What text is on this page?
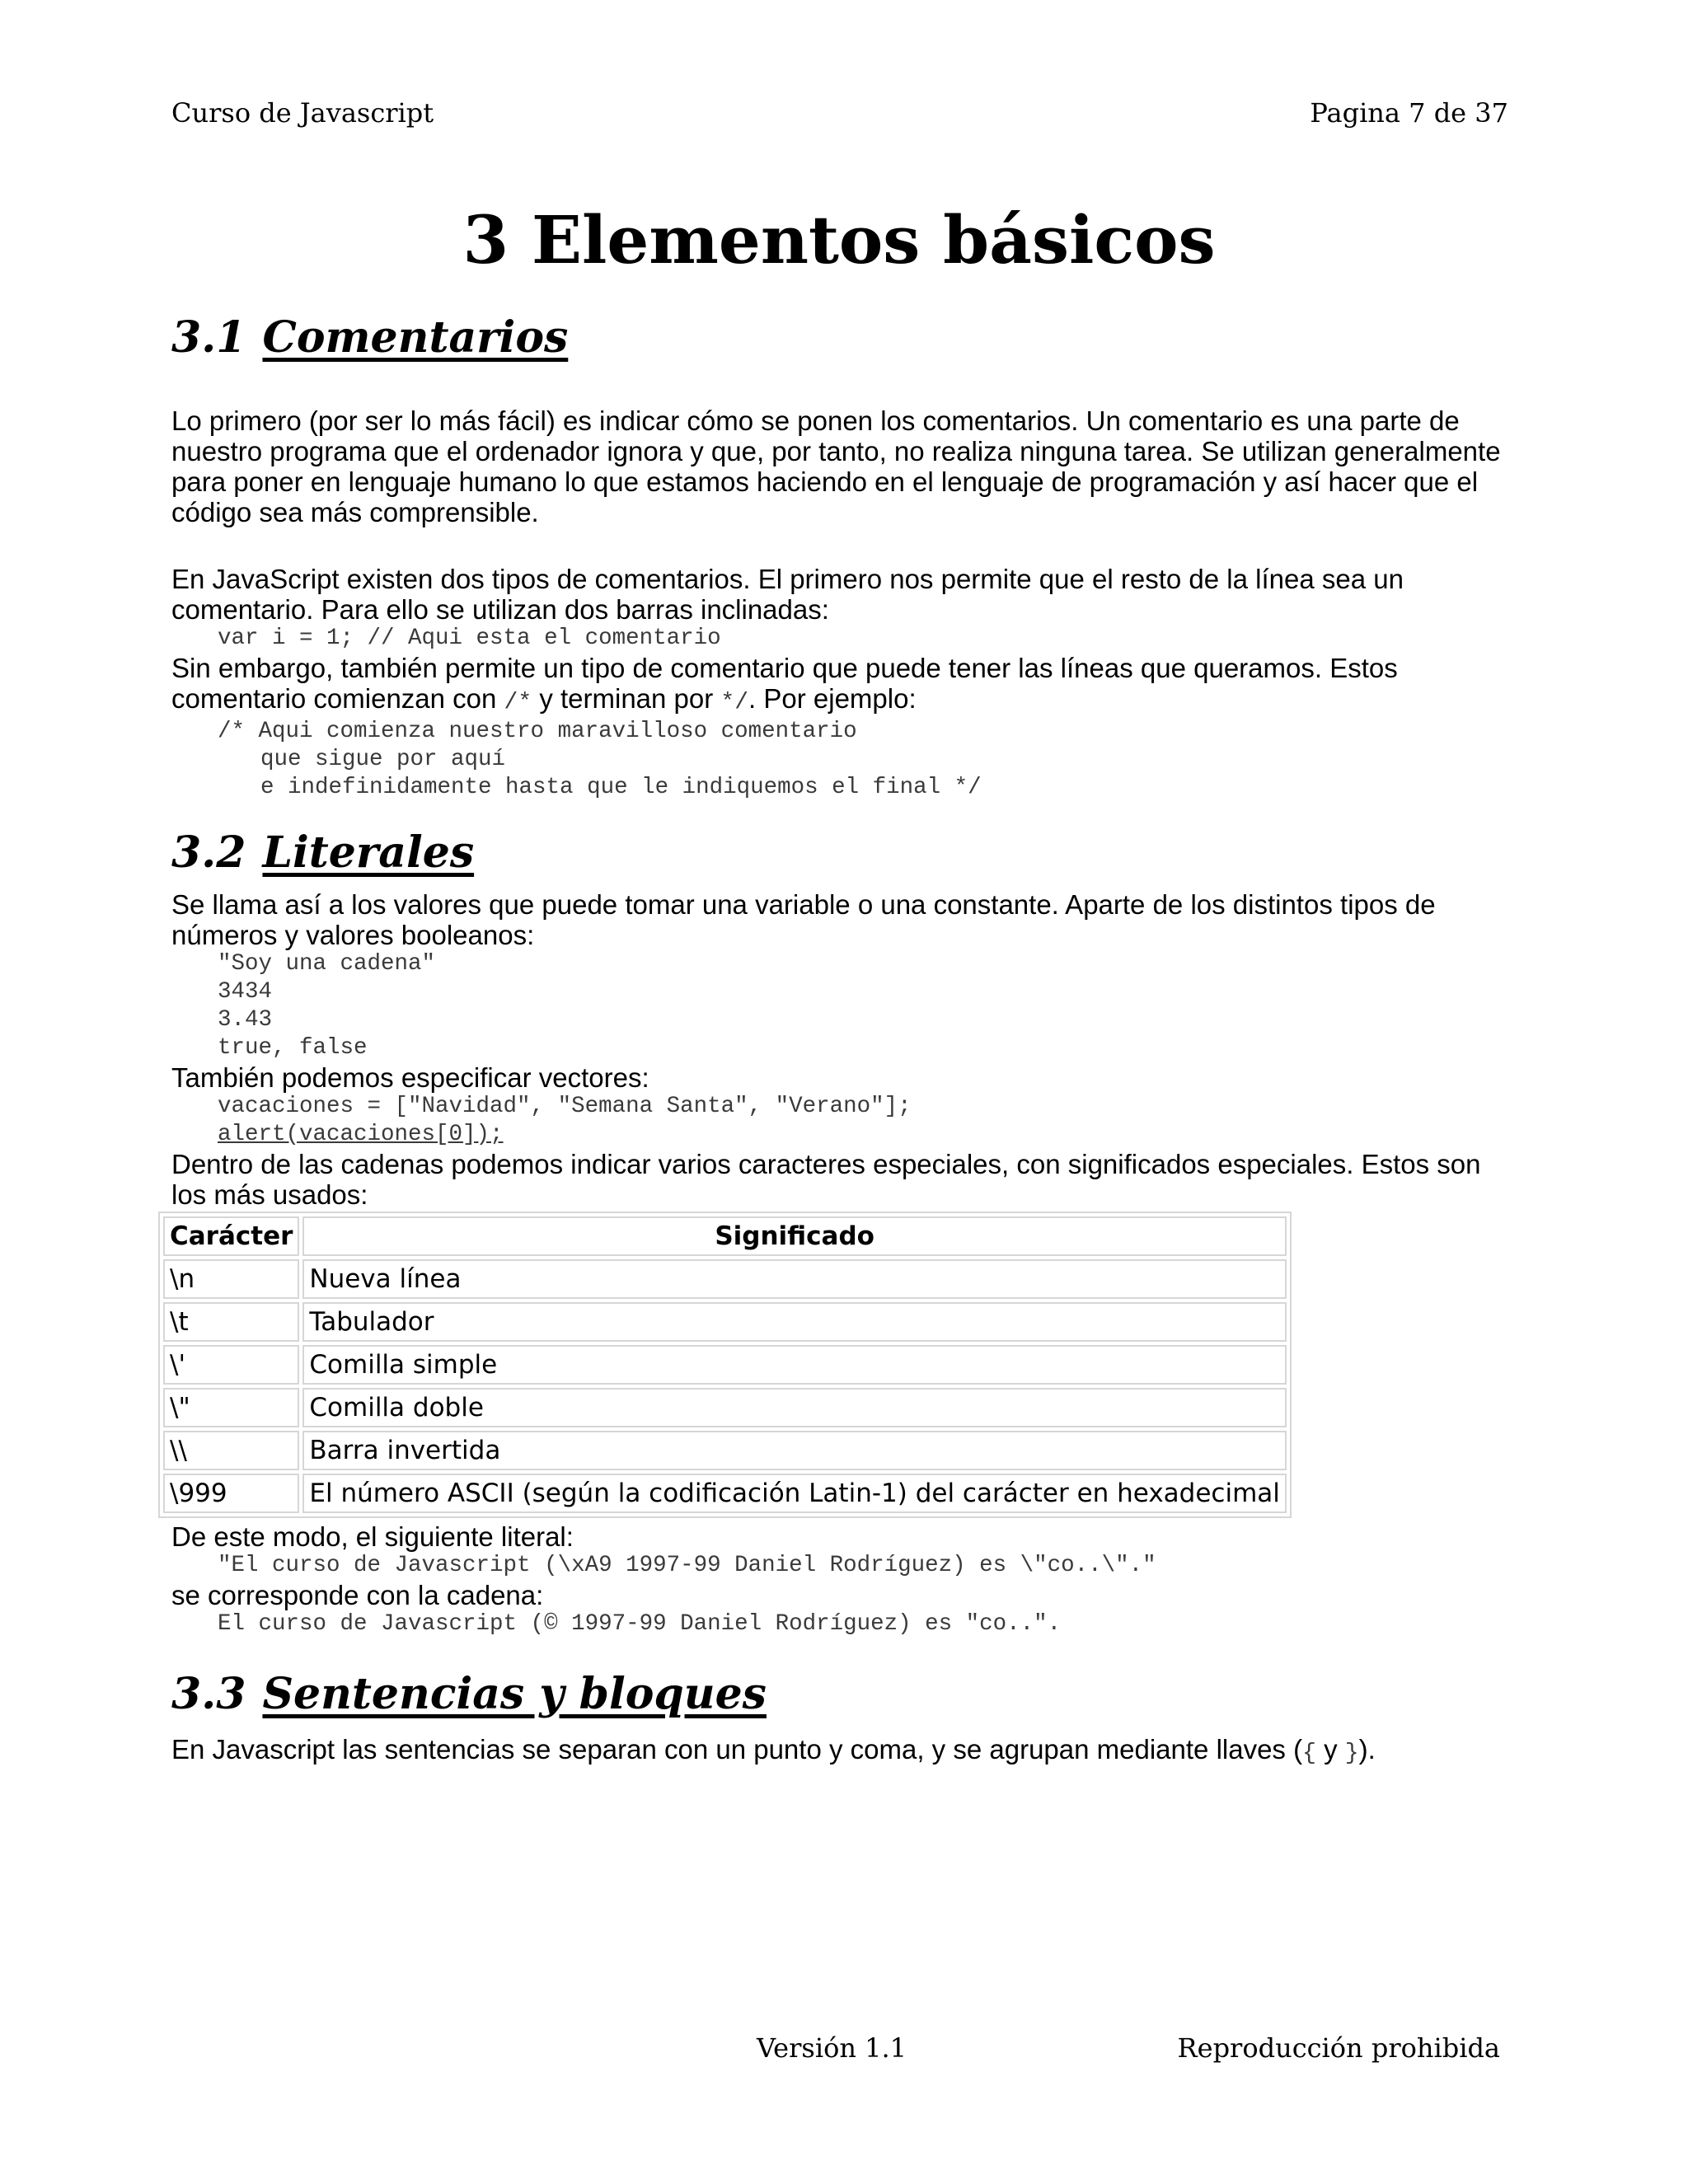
Curso de Javascript	Pagina 7 de 37
3 Elementos básicos
3.1 Comentarios

Lo primero (por ser lo más fácil) es indicar cómo se ponen los comentarios. Un comentario es una parte de nuestro programa que el ordenador ignora y que, por tanto, no realiza ninguna tarea. Se utilizan generalmente para poner en lenguaje humano lo que estamos haciendo en el lenguaje de programación y así hacer que el código sea más comprensible.

En JavaScript existen dos tipos de comentarios. El primero nos permite que el resto de la línea sea un comentario. Para ello se utilizan dos barras inclinadas:

var i = 1; // Aqui esta el comentario

Sin embargo, también permite un tipo de comentario que puede tener las líneas que queramos. Estos comentario comienzan con /* y terminan por */. Por ejemplo:

/* Aqui comienza nuestro maravilloso comentario
que sigue por aquí
e indefinidamente hasta que le indiquemos el final */
3.2 Literales

Se llama así a los valores que puede tomar una variable o una constante. Aparte de los distintos tipos de números y valores booleanos:

"Soy una cadena"
3434
3.43
true, false

También podemos especificar vectores:

vacaciones = ["Navidad", "Semana Santa", "Verano"];
alert(vacaciones[0]);

Dentro de las cadenas podemos indicar varios caracteres especiales, con significados especiales. Estos son los más usados:

Carácter	Significado
\n	Nueva línea
\t	Tabulador
\'	Comilla simple
\"	Comilla doble
\\	Barra invertida
\999	El número ASCII (según la codificación Latin-1) del carácter en hexadecimal

De este modo, el siguiente literal:

"El curso de Javascript (\xA9 1997-99 Daniel Rodríguez) es \"co..\"."

se corresponde con la cadena:

El curso de Javascript (© 1997-99 Daniel Rodríguez) es "co..".
3.3 Sentencias y bloques

En Javascript las sentencias se separan con un punto y coma, y se agrupan mediante llaves ({ y }).

Versión 1.1	Reproducción prohibida
